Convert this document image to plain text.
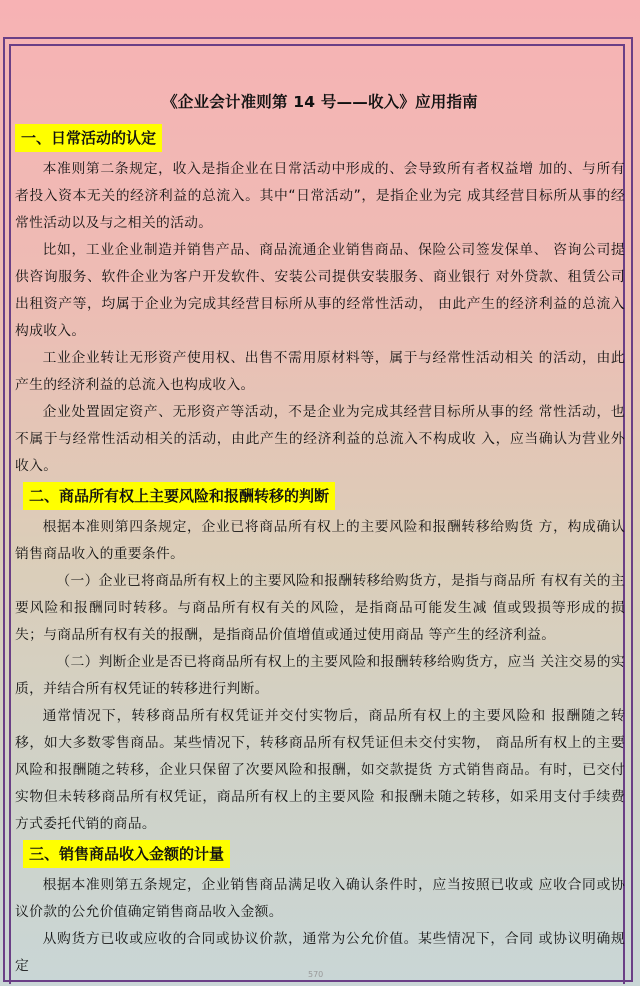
《企业会计准则第 14 号——收入》应用指南
一、日常活动的认定

本准则第二条规定，收入是指企业在日常活动中形成的、会导致所有者权益增 加的、与所有者投入资本无关的经济利益的总流入。其中“日常活动”，是指企业为完 成其经营目标所从事的经常性活动以及与之相关的活动。

比如，工业企业制造并销售产品、商品流通企业销售商品、保险公司签发保单、 咨询公司提供咨询服务、软件企业为客户开发软件、安装公司提供安装服务、商业银行 对外贷款、租赁公司出租资产等，均属于企业为完成其经营目标所从事的经常性活动， 由此产生的经济利益的总流入构成收入。

工业企业转让无形资产使用权、出售不需用原材料等，属于与经常性活动相关 的活动，由此产生的经济利益的总流入也构成收入。

企业处置固定资产、无形资产等活动，不是企业为完成其经营目标所从事的经 常性活动，也不属于与经常性活动相关的活动，由此产生的经济利益的总流入不构成收 入，应当确认为营业外收入。

二、商品所有权上主要风险和报酬转移的判断

根据本准则第四条规定，企业已将商品所有权上的主要风险和报酬转移给购货 方，构成确认销售商品收入的重要条件。

（一）企业已将商品所有权上的主要风险和报酬转移给购货方，是指与商品所 有权有关的主要风险和报酬同时转移。与商品所有权有关的风险，是指商品可能发生减 值或毁损等形成的损失；与商品所有权有关的报酬，是指商品价值增值或通过使用商品 等产生的经济利益。

（二）判断企业是否已将商品所有权上的主要风险和报酬转移给购货方，应当 关注交易的实质，并结合所有权凭证的转移进行判断。

通常情况下，转移商品所有权凭证并交付实物后，商品所有权上的主要风险和 报酬随之转移，如大多数零售商品。某些情况下，转移商品所有权凭证但未交付实物， 商品所有权上的主要风险和报酬随之转移，企业只保留了次要风险和报酬，如交款提货 方式销售商品。有时，已交付实物但未转移商品所有权凭证，商品所有权上的主要风险 和报酬未随之转移，如采用支付手续费方式委托代销的商品。

三、销售商品收入金额的计量

根据本准则第五条规定，企业销售商品满足收入确认条件时，应当按照已收或 应收合同或协议价款的公允价值确定销售商品收入金额。

从购货方已收或应收的合同或协议价款，通常为公允价值。某些情况下，合同 或协议明确规定

570
